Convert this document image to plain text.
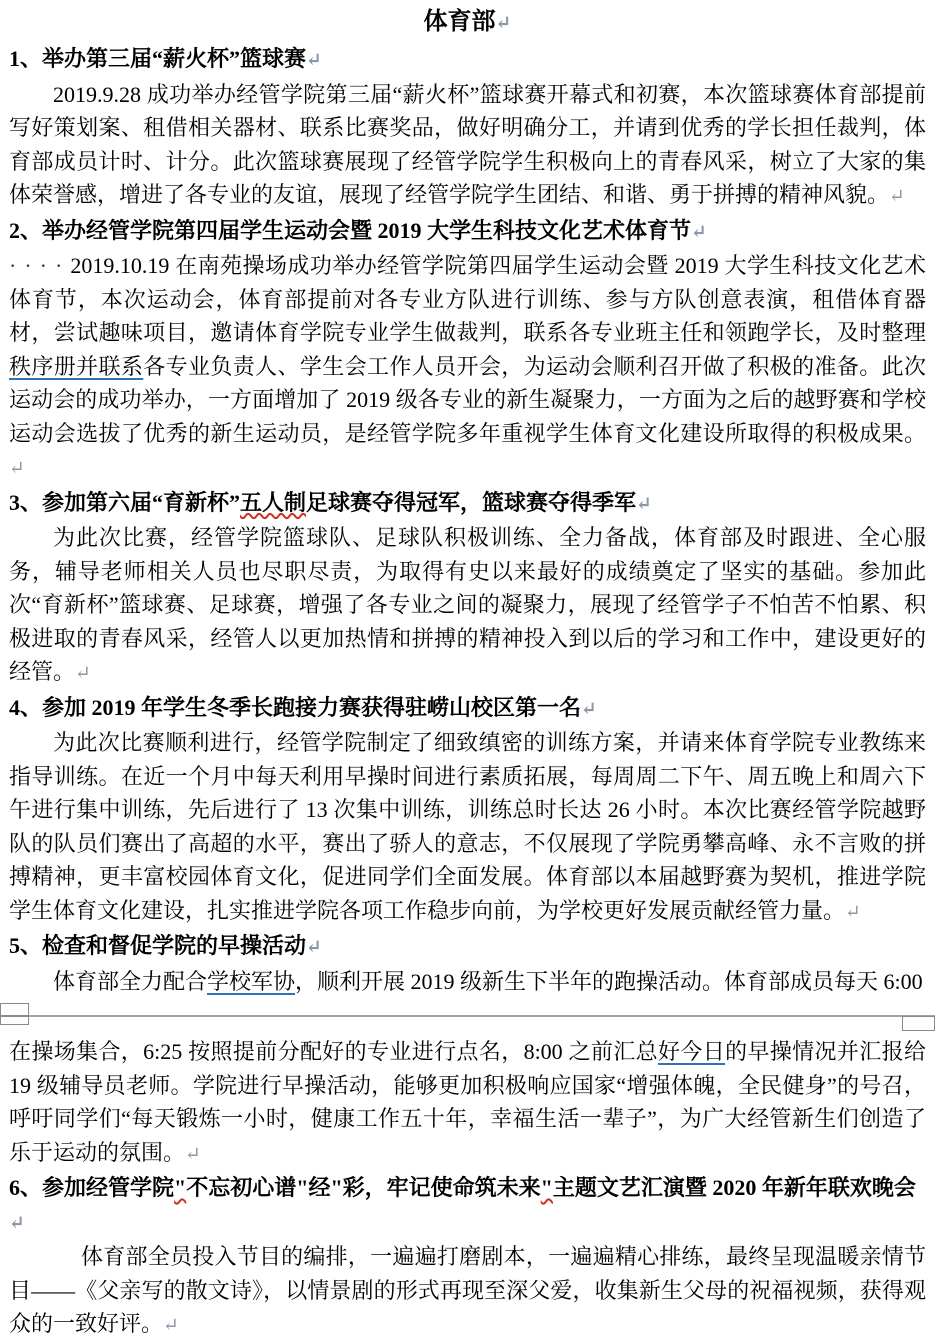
体育部↵
1、举办第三届“薪火杯”篮球赛↵
2019.9.28 成功举办经管学院第三届“薪火杯”篮球赛开幕式和初赛，本次篮球赛体育部提前写好策划案、租借相关器材、联系比赛奖品，做好明确分工，并请到优秀的学长担任裁判，体育部成员计时、计分。此次篮球赛展现了经管学院学生积极向上的青春风采，树立了大家的集体荣誉感，增进了各专业的友谊，展现了经管学院学生团结、和谐、勇于拼搏的精神风貌。↵
2、举办经管学院第四届学生运动会暨 2019 大学生科技文化艺术体育节↵
····2019.10.19 在南苑操场成功举办经管学院第四届学生运动会暨 2019 大学生科技文化艺术体育节，本次运动会，体育部提前对各专业方队进行训练、参与方队创意表演，租借体育器材，尝试趣味项目，邀请体育学院专业学生做裁判，联系各专业班主任和领跑学长，及时整理秩序册并联系各专业负责人、学生会工作人员开会，为运动会顺利召开做了积极的准备。此次运动会的成功举办，一方面增加了 2019 级各专业的新生凝聚力，一方面为之后的越野赛和学校运动会选拔了优秀的新生运动员，是经管学院多年重视学生体育文化建设所取得的积极成果。↵
3、参加第六届“育新杯”五人制足球赛夺得冠军，篮球赛夺得季军↵
为此次比赛，经管学院篮球队、足球队积极训练、全力备战，体育部及时跟进、全心服务，辅导老师相关人员也尽职尽责，为取得有史以来最好的成绩奠定了坚实的基础。参加此次“育新杯”篮球赛、足球赛，增强了各专业之间的凝聚力，展现了经管学子不怕苦不怕累、积极进取的青春风采，经管人以更加热情和拼搏的精神投入到以后的学习和工作中，建设更好的经管。↵
4、参加 2019 年学生冬季长跑接力赛获得驻崂山校区第一名↵
为此次比赛顺利进行，经管学院制定了细致缜密的训练方案，并请来体育学院专业教练来指导训练。在近一个月中每天利用早操时间进行素质拓展，每周周二下午、周五晚上和周六下午进行集中训练，先后进行了 13 次集中训练，训练总时长达 26 小时。本次比赛经管学院越野队的队员们赛出了高超的水平，赛出了骄人的意志，不仅展现了学院勇攀高峰、永不言败的拼搏精神，更丰富校园体育文化，促进同学们全面发展。体育部以本届越野赛为契机，推进学院学生体育文化建设，扎实推进学院各项工作稳步向前，为学校更好发展贡献经管力量。↵
5、检查和督促学院的早操活动↵
体育部全力配合学校军协，顺利开展 2019 级新生下半年的跑操活动。体育部成员每天 6:00
在操场集合，6:25 按照提前分配好的专业进行点名，8:00 之前汇总好今日的早操情况并汇报给 19 级辅导员老师。学院进行早操活动，能够更加积极响应国家“增强体魄，全民健身”的号召，呼吁同学们“每天锻炼一小时，健康工作五十年，幸福生活一辈子”，为广大经管新生们创造了乐于运动的氛围。↵
6、参加经管学院"不忘初心谱"经"彩，牢记使命筑未来"主题文艺汇演暨 2020 年新年联欢晚会↵
体育部全员投入节目的编排，一遍遍打磨剧本，一遍遍精心排练，最终呈现温暖亲情节目——《父亲写的散文诗》，以情景剧的形式再现至深父爱，收集新生父母的祝福视频，获得观众的一致好评。↵
